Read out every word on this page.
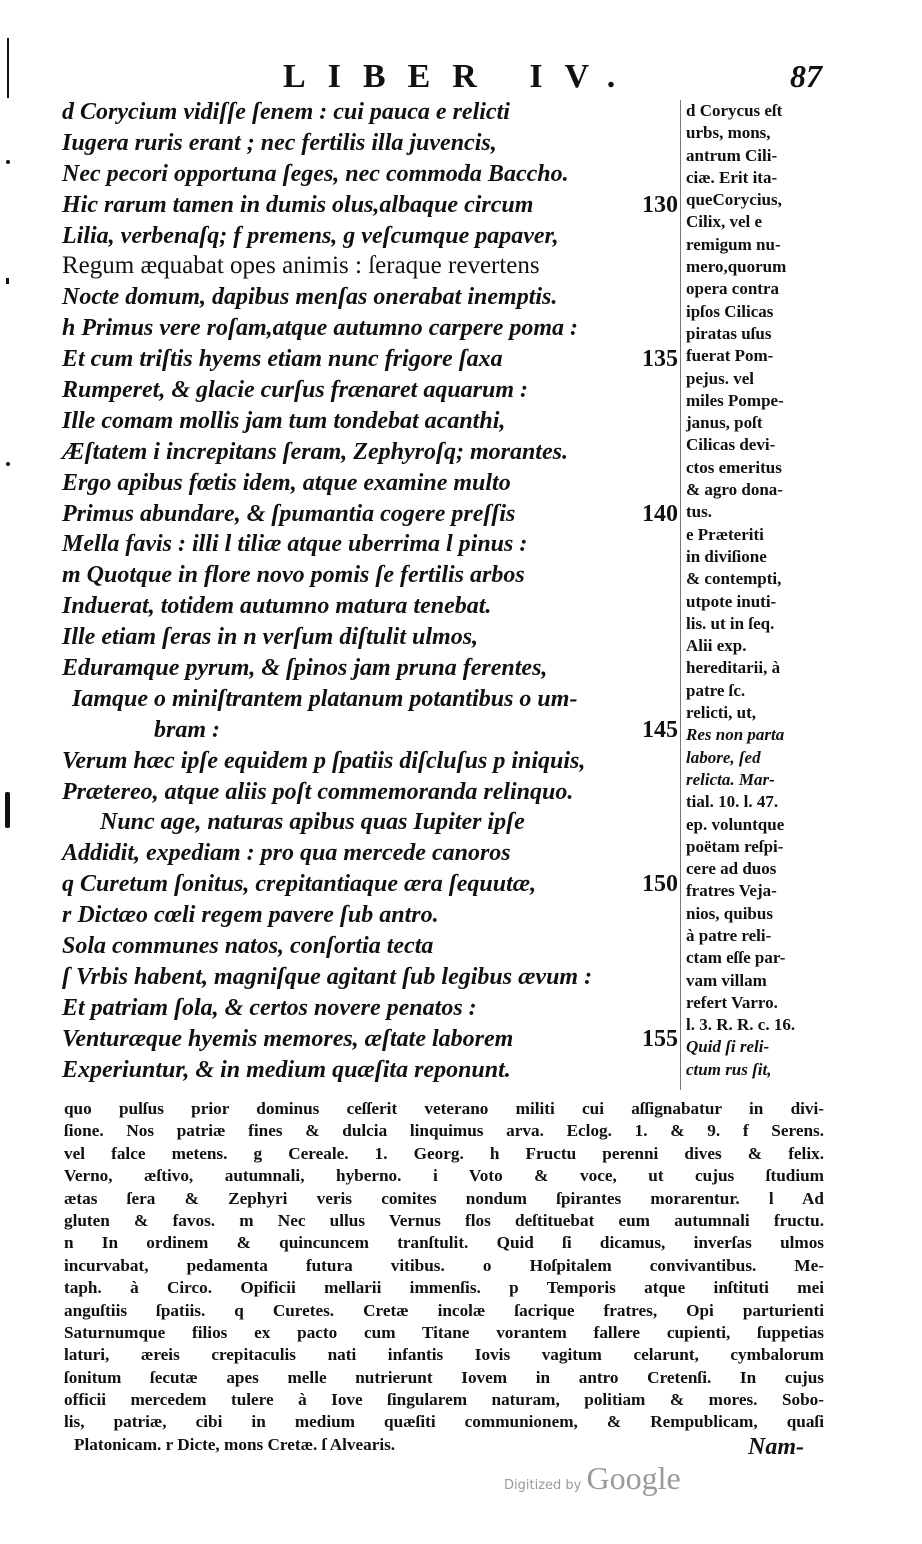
LIBER IV.	87
d Corycium vidiſſe ſenem : cui pauca e relicti
Iugera ruris erant ; nec fertilis illa juvencis,
Nec pecori opportuna ſeges, nec commoda Baccho.
Hic rarum tamen in dumis olus,albaque circum	130
Lilia, verbenaſq; f premens, g veſcumque papaver,
Regum æquabat opes animis : ſeraque revertens
Nocte domum, dapibus menſas onerabat inemptis.
h Primus vere roſam,atque autumno carpere poma :
Et cum triſtis hyems etiam nunc frigore ſaxa	135
Rumperet, & glacie curſus frænaret aquarum :
Ille comam mollis jam tum tondebat acanthi,
Æſtatem i increpitans ſeram, Zephyroſq; morantes.
Ergo apibus fœtis idem, atque examine multo
Primus abundare, & ſpumantia cogere preſſis	140
Mella favis : illi l tiliæ atque uberrima l pinus :
m Quotque in flore novo pomis ſe fertilis arbos
Induerat, totidem autumno matura tenebat.
Ille etiam ſeras in n verſum diſtulit ulmos,
Eduramque pyrum, & ſpinos jam pruna ferentes,
Iamque o miniſtrantem platanum potantibus o um-
bram :	145
Verum hæc ipſe equidem p ſpatiis diſcluſus p iniquis,
Prætereo, atque aliis poſt commemoranda relinquo.
Nunc age, naturas apibus quas Iupiter ipſe
Addidit, expediam : pro qua mercede canoros
q Curetum ſonitus, crepitantiaque æra ſequutæ,	150
r Dictæo cœli regem pavere ſub antro.
Sola communes natos, conſortia tecta
ſ Vrbis habent, magniſque agitant ſub legibus ævum :
Et patriam ſola, & certos novere penatos :
Venturæque hyemis memores, æſtate laborem	155
Experiuntur, & in medium quæſita reponunt.
d Corycus eſt
urbs, mons,
antrum Cili-
ciæ. Erit ita-
queCorycius,
Cilix, vel e
remigum nu-
mero,quorum
opera contra
ipſos Cilicas
piratas uſus
fuerat Pom-
pejus. vel
miles Pompe-
janus, poſt
Cilicas devi-
ctos emeritus
& agro dona-
tus.
e Præteriti
in diviſione
& contempti,
utpote inuti-
lis. ut in ſeq.
Alii exp.
hereditarii, à
patre ſc.
relicti, ut,
Res non parta
labore, ſed
relicta. Mar-
tial. 10. l. 47.
ep. voluntque
poëtam reſpi-
cere ad duos
fratres Veja-
nios, quibus
à patre reli-
ctam eſſe par-
vam villam
refert Varro.
l. 3. R. R. c. 16.
Quid ſi reli-
ctum rus ſit,
quo pulſus prior dominus ceſſerit veterano militi cui aſſignabatur in divi-
ſione. Nos patriæ fines & dulcia linquimus arva. Eclog. 1. & 9. f Serens.
vel falce metens. g Cereale. 1. Georg. h Fructu perenni dives & felix.
Verno, æſtivo, autumnali, hyberno. i Voto & voce, ut cujus ſtudium
ætas ſera & Zephyri veris comites nondum ſpirantes morarentur. l Ad
gluten & favos. m Nec ullus Vernus flos deſtituebat eum autumnali fructu.
n In ordinem & quincuncem tranſtulit. Quid ſi dicamus, inverſas ulmos
incurvabat, pedamenta futura vitibus. o Hoſpitalem convivantibus. Me-
taph. à Circo. Opificii mellarii immenſis. p Temporis atque inſtituti mei
anguſtiis ſpatiis. q Curetes. Cretæ incolæ ſacrique fratres, Opi parturienti
Saturnumque filios ex pacto cum Titane vorantem fallere cupienti, ſuppetias
laturi, æreis crepitaculis nati infantis Iovis vagitum celarunt, cymbalorum
ſonitum ſecutæ apes melle nutrierunt Iovem in antro Cretenſi. In cujus
officii mercedem tulere à Iove ſingularem naturam, politiam & mores. Sobo-
lis, patriæ, cibi in medium quæſiti communionem, & Rempublicam, quaſi
Platonicam. r Dicte, mons Cretæ. ſ Alvearis.	Nam-
Digitized by Google
